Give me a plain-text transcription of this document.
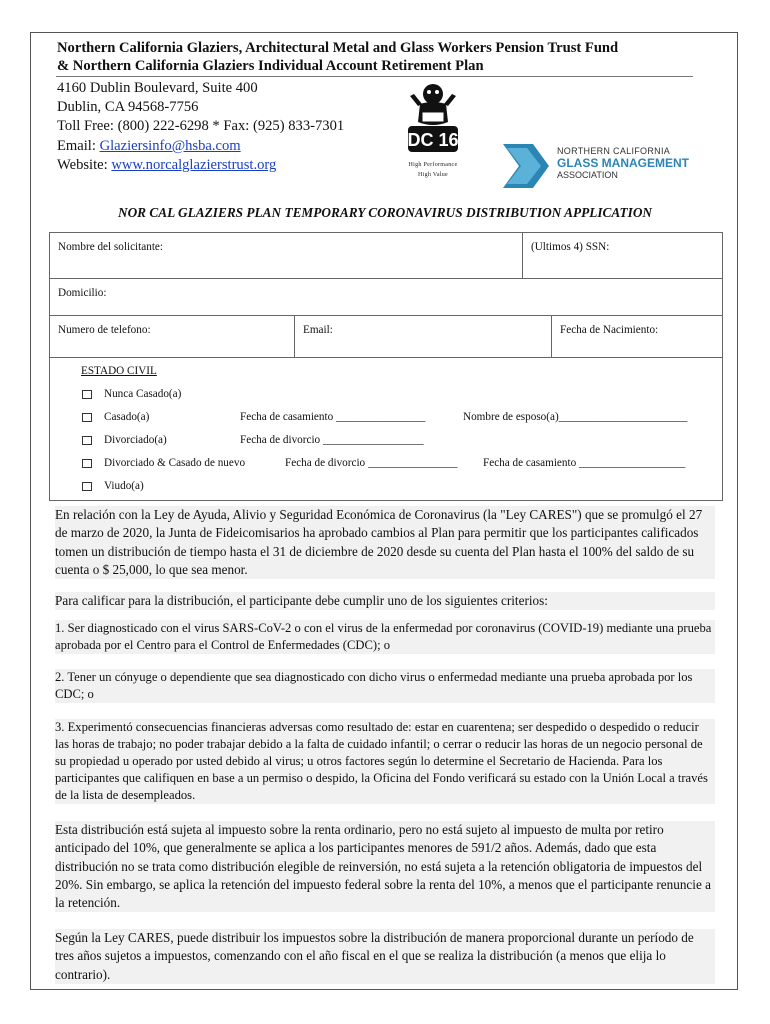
Northern California Glaziers, Architectural Metal and Glass Workers Pension Trust Fund
& Northern California Glaziers Individual Account Retirement Plan
4160 Dublin Boulevard, Suite 400
Dublin, CA 94568-7756
Toll Free: (800) 222-6298 * Fax: (925) 833-7301
Email: Glaziersinfo@hsba.com
Website: www.norcalglazierstrust.org
DC 16
High Performance
High Value
NORTHERN CALIFORNIA
GLASS MANAGEMENT
ASSOCIATION
NOR CAL GLAZIERS PLAN TEMPORARY CORONAVIRUS DISTRIBUTION APPLICATION
Nombre del solicitante:	(Ultimos 4) SSN:
Domicilio:
Numero de telefono:	Email:	Fecha de Nacimiento:
ESTADO CIVIL
Nunca Casado(a)
Casado(a)	Fecha de casamiento ________________	Nombre de esposo(a)_______________________
Divorciado(a)	Fecha de divorcio __________________
Divorciado & Casado de nuevo	Fecha de divorcio ________________ Fecha de casamiento ___________________
Viudo(a)
En relación con la Ley de Ayuda, Alivio y Seguridad Económica de Coronavirus (la "Ley CARES") que se promulgó el 27 de marzo de 2020, la Junta de Fideicomisarios ha aprobado cambios al Plan para permitir que los participantes calificados tomen un distribución de tiempo hasta el 31 de diciembre de 2020 desde su cuenta del Plan hasta el 100% del saldo de su cuenta o $ 25,000, lo que sea menor.
Para calificar para la distribución, el participante debe cumplir uno de los siguientes criterios:
1. Ser diagnosticado con el virus SARS-CoV-2 o con el virus de la enfermedad por coronavirus (COVID-19) mediante una prueba aprobada por el Centro para el Control de Enfermedades (CDC); o
2. Tener un cónyuge o dependiente que sea diagnosticado con dicho virus o enfermedad mediante una prueba aprobada por los CDC; o
3. Experimentó consecuencias financieras adversas como resultado de: estar en cuarentena; ser despedido o despedido o reducir las horas de trabajo; no poder trabajar debido a la falta de cuidado infantil; o cerrar o reducir las horas de un negocio personal de su propiedad u operado por usted debido al virus; u otros factores según lo determine el Secretario de Hacienda. Para los participantes que califiquen en base a un permiso o despido, la Oficina del Fondo verificará su estado con la Unión Local a través de la lista de desempleados.
Esta distribución está sujeta al impuesto sobre la renta ordinario, pero no está sujeto al impuesto de multa por retiro anticipado del 10%, que generalmente se aplica a los participantes menores de 591/2 años. Además, dado que esta distribución no se trata como distribución elegible de reinversión, no está sujeta a la retención obligatoria de impuestos del 20%. Sin embargo, se aplica la retención del impuesto federal sobre la renta del 10%, a menos que el participante renuncie a la retención.
Según la Ley CARES, puede distribuir los impuestos sobre la distribución de manera proporcional durante un período de tres años sujetos a impuestos, comenzando con el año fiscal en el que se realiza la distribución (a menos que elija lo contrario).
